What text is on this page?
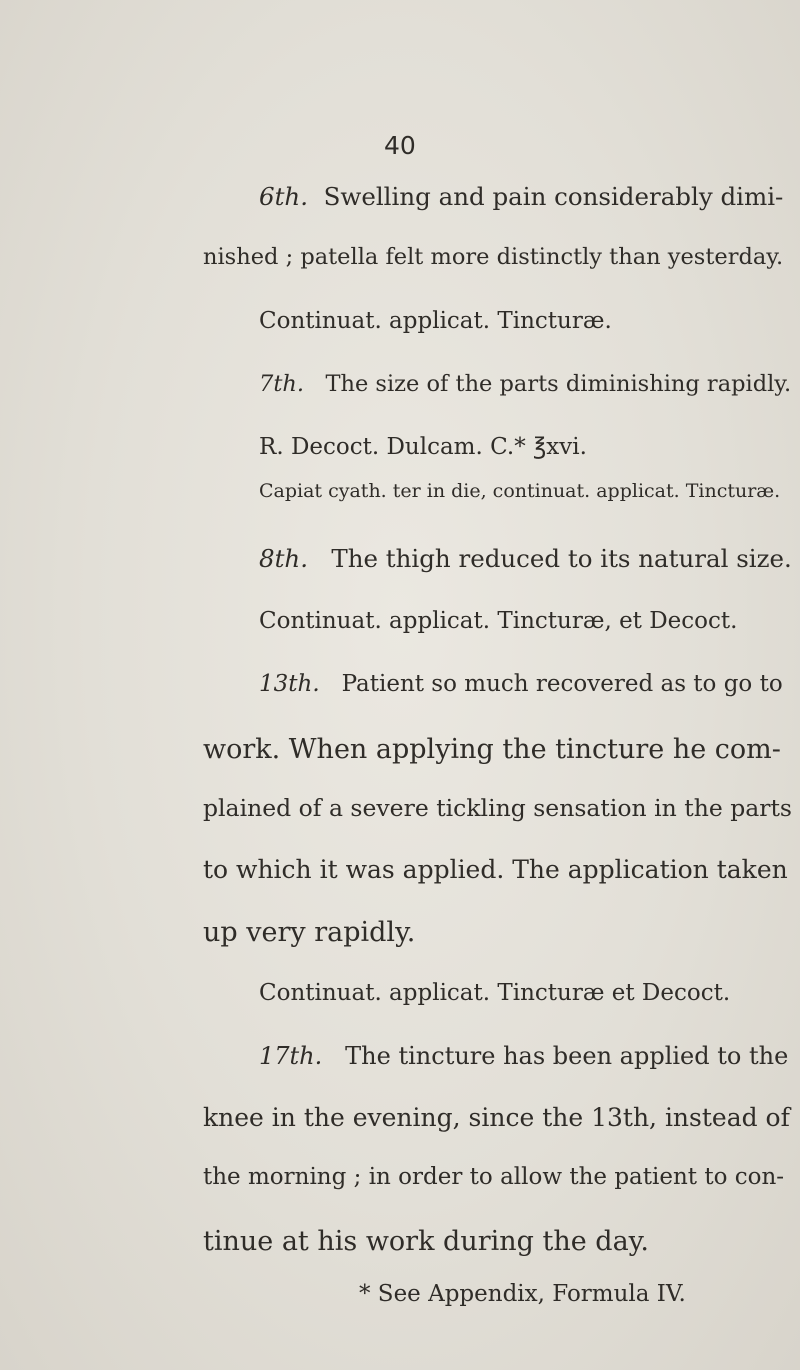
40
6th. Swelling and pain considerably dimi-
nished ; patella felt more distinctly than yesterday.
Continuat. applicat. Tincturæ.
7th. The size of the parts diminishing rapidly.
R. Decoct. Dulcam. C.* ℥xvi.
Capiat cyath. ter in die, continuat. applicat. Tincturæ.
8th. The thigh reduced to its natural size.
Continuat. applicat. Tincturæ, et Decoct.
13th. Patient so much recovered as to go to
work. When applying the tincture he com-
plained of a severe tickling sensation in the parts
to which it was applied. The application taken
up very rapidly.
Continuat. applicat. Tincturæ et Decoct.
17th. The tincture has been applied to the
knee in the evening, since the 13th, instead of
the morning ; in order to allow the patient to con-
tinue at his work during the day.
* See Appendix, Formula IV.
